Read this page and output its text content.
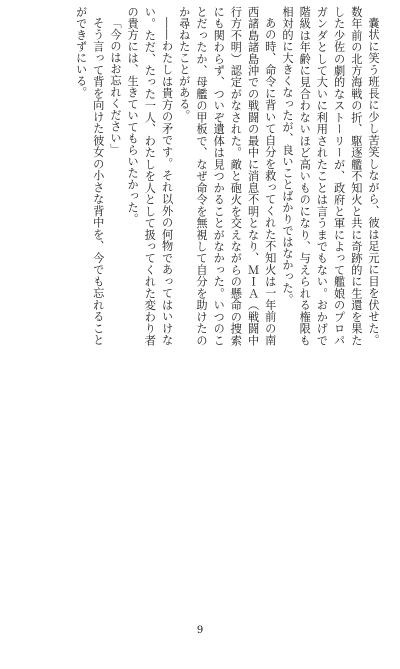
嚢状に笑う班長に少し苦笑しながら、彼は足元に目を伏せた。数年前の北方海戦の折、駆逐艦不知火と共に奇跡的に生還を果たした少佐の劇的なストーリーが、政府と軍によって艦娘のプロパガンダとして大いに利用されたことは言うまでもない。おかげで階級は年齢に見合わないほど高いものになり、与えられる権限も相対的に大きくなったが、良いことばかりではなかった。

あの時、命令に背いて自分を救ってくれた不知火は一年前の南西諸島諸島沖での戦闘の最中に消息不明となり、ＭＩＡ（戦闘中行方不明）認定がなされた。敵と砲火を交えながらの懸命の捜索にも関わらず、ついぞ遺体は見つかることがなかった。いつのことだったか、母艦の甲板で、なぜ命令を無視して自分を助けたのか尋ねたことがある。

――わたしは貴方の矛です。それ以外の何物であってはいけない。ただ、たった一人、わたしを人として扱ってくれた変わり者の貴方には、生きていてもらいたかった。

「今のはお忘れください」

そう言って背を向けた彼女の小さな背中を、今でも忘れることができずにいる。

9
